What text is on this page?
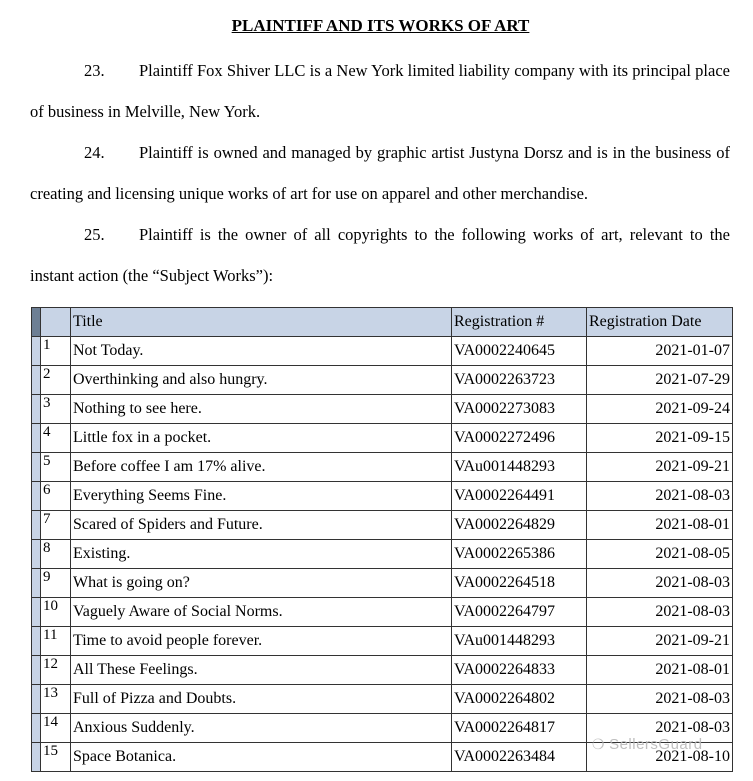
PLAINTIFF AND ITS WORKS OF ART
23. Plaintiff Fox Shiver LLC is a New York limited liability company with its principal place of business in Melville, New York.
24. Plaintiff is owned and managed by graphic artist Justyna Dorsz and is in the business of creating and licensing unique works of art for use on apparel and other merchandise.
25. Plaintiff is the owner of all copyrights to the following works of art, relevant to the instant action (the “Subject Works”):
		Title	Registration #	Registration Date
	1	Not Today.	VA0002240645	2021-01-07
	2	Overthinking and also hungry.	VA0002263723	2021-07-29
	3	Nothing to see here.	VA0002273083	2021-09-24
	4	Little fox in a pocket.	VA0002272496	2021-09-15
	5	Before coffee I am 17% alive.	VAu001448293	2021-09-21
	6	Everything Seems Fine.	VA0002264491	2021-08-03
	7	Scared of Spiders and Future.	VA0002264829	2021-08-01
	8	Existing.	VA0002265386	2021-08-05
	9	What is going on?	VA0002264518	2021-08-03
	10	Vaguely Aware of Social Norms.	VA0002264797	2021-08-03
	11	Time to avoid people forever.	VAu001448293	2021-09-21
	12	All These Feelings.	VA0002264833	2021-08-01
	13	Full of Pizza and Doubts.	VA0002264802	2021-08-03
	14	Anxious Suddenly.	VA0002264817	2021-08-03
	15	Space Botanica.	VA0002263484	2021-08-10
❍ SellersGuard
